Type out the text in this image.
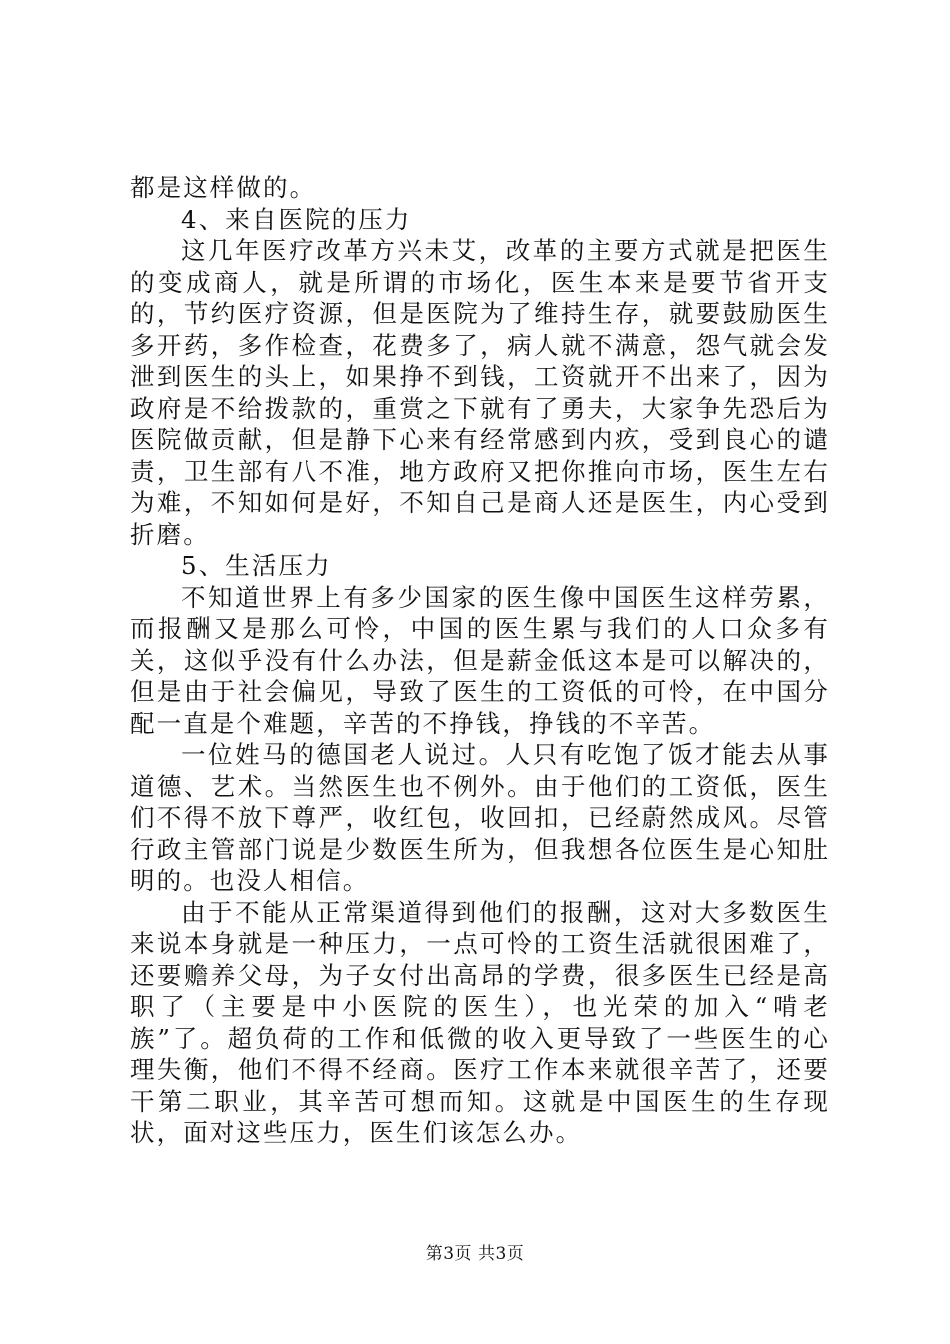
都是这样做的。

4、来自医院的压力

这几年医疗改革方兴未艾，改革的主要方式就是把医生的变成商人，就是所谓的市场化，医生本来是要节省开支的，节约医疗资源，但是医院为了维持生存，就要鼓励医生多开药，多作检查，花费多了，病人就不满意，怨气就会发泄到医生的头上，如果挣不到钱，工资就开不出来了，因为政府是不给拨款的，重赏之下就有了勇夫，大家争先恐后为医院做贡献，但是静下心来有经常感到内疚，受到良心的谴责，卫生部有八不准，地方政府又把你推向市场，医生左右为难，不知如何是好，不知自己是商人还是医生，内心受到折磨。

5、生活压力

不知道世界上有多少国家的医生像中国医生这样劳累，而报酬又是那么可怜，中国的医生累与我们的人口众多有关，这似乎没有什么办法，但是薪金低这本是可以解决的，但是由于社会偏见，导致了医生的工资低的可怜，在中国分配一直是个难题，辛苦的不挣钱，挣钱的不辛苦。

一位姓马的德国老人说过。人只有吃饱了饭才能去从事道德、艺术。当然医生也不例外。由于他们的工资低，医生们不得不放下尊严，收红包，收回扣，已经蔚然成风。尽管行政主管部门说是少数医生所为，但我想各位医生是心知肚明的。也没人相信。

由于不能从正常渠道得到他们的报酬，这对大多数医生来说本身就是一种压力，一点可怜的工资生活就很困难了，还要赡养父母，为子女付出高昂的学费，很多医生已经是高职了（主要是中小医院的医生），也光荣的加入“啃老族”了。超负荷的工作和低微的收入更导致了一些医生的心理失衡，他们不得不经商。医疗工作本来就很辛苦了，还要干第二职业，其辛苦可想而知。这就是中国医生的生存现状，面对这些压力，医生们该怎么办。

第3页 共3页
